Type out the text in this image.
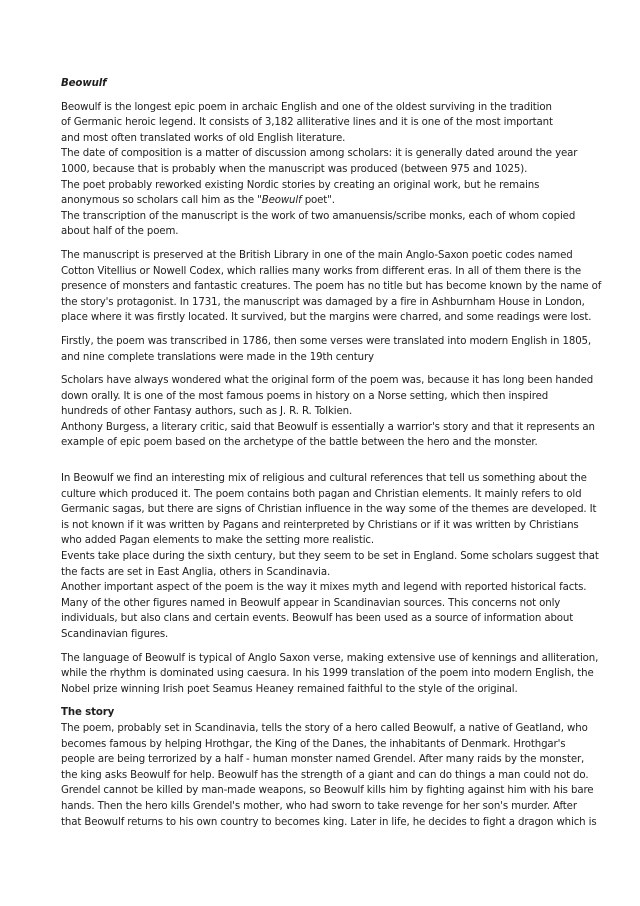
Beowulf
Beowulf is the longest epic poem in archaic English and one of the oldest surviving in the tradition
of Germanic heroic legend. It consists of 3,182 alliterative lines and it is one of the most important
and most often translated works of old English literature.
The date of composition is a matter of discussion among scholars: it is generally dated around the year
1000, because that is probably when the manuscript was produced (between 975 and 1025).
The poet probably reworked existing Nordic stories by creating an original work, but he remains
anonymous so scholars call him as the "Beowulf poet".
The transcription of the manuscript is the work of two amanuensis/scribe monks, each of whom copied
about half of the poem.
The manuscript is preserved at the British Library in one of the main Anglo-Saxon poetic codes named
Cotton Vitellius or Nowell Codex, which rallies many works from different eras. In all of them there is the
presence of monsters and fantastic creatures. The poem has no title but has become known by the name of
the story's protagonist. In 1731, the manuscript was damaged by a fire in Ashburnham House in London,
place where it was firstly located. It survived, but the margins were charred, and some readings were lost.
Firstly, the poem was transcribed in 1786, then some verses were translated into modern English in 1805,
and nine complete translations were made in the 19th century
Scholars have always wondered what the original form of the poem was, because it has long been handed
down orally. It is one of the most famous poems in history on a Norse setting, which then inspired
hundreds of other Fantasy authors, such as J. R. R. Tolkien.
Anthony Burgess, a literary critic, said that Beowulf is essentially a warrior's story and that it represents an
example of epic poem based on the archetype of the battle between the hero and the monster.
In Beowulf we find an interesting mix of religious and cultural references that tell us something about the
culture which produced it. The poem contains both pagan and Christian elements. It mainly refers to old
Germanic sagas, but there are signs of Christian influence in the way some of the themes are developed. It
is not known if it was written by Pagans and reinterpreted by Christians or if it was written by Christians
who added Pagan elements to make the setting more realistic.
Events take place during the sixth century, but they seem to be set in England. Some scholars suggest that
the facts are set in East Anglia, others in Scandinavia.
Another important aspect of the poem is the way it mixes myth and legend with reported historical facts.
Many of the other figures named in Beowulf appear in Scandinavian sources. This concerns not only
individuals, but also clans and certain events. Beowulf has been used as a source of information about
Scandinavian figures.
The language of Beowulf is typical of Anglo Saxon verse, making extensive use of kennings and alliteration,
while the rhythm is dominated using caesura. In his 1999 translation of the poem into modern English, the
Nobel prize winning Irish poet Seamus Heaney remained faithful to the style of the original.
The story
The poem, probably set in Scandinavia, tells the story of a hero called Beowulf, a native of Geatland, who
becomes famous by helping Hrothgar, the King of the Danes, the inhabitants of Denmark. Hrothgar's
people are being terrorized by a half - human monster named Grendel. After many raids by the monster,
the king asks Beowulf for help. Beowulf has the strength of a giant and can do things a man could not do.
Grendel cannot be killed by man-made weapons, so Beowulf kills him by fighting against him with his bare
hands. Then the hero kills Grendel's mother, who had sworn to take revenge for her son's murder. After
that Beowulf returns to his own country to becomes king. Later in life, he decides to fight a dragon which is
